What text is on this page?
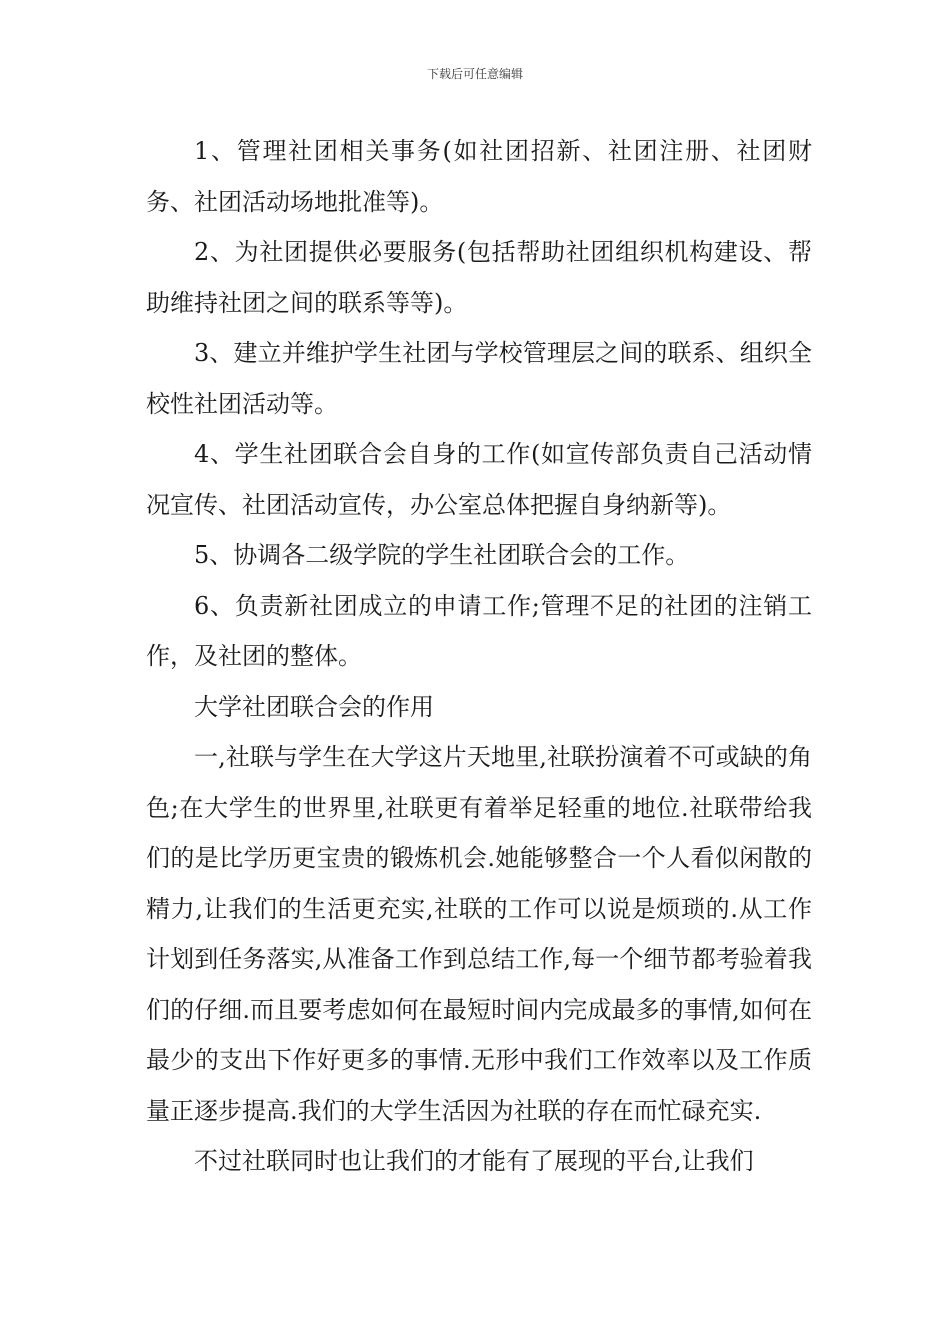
下载后可任意编辑

1、管理社团相关事务(如社团招新、社团注册、社团财务、社团活动场地批准等)。

2、为社团提供必要服务(包括帮助社团组织机构建设、帮助维持社团之间的联系等等)。

3、建立并维护学生社团与学校管理层之间的联系、组织全校性社团活动等。

4、学生社团联合会自身的工作(如宣传部负责自己活动情况宣传、社团活动宣传，办公室总体把握自身纳新等)。

5、协调各二级学院的学生社团联合会的工作。

6、负责新社团成立的申请工作;管理不足的社团的注销工作，及社团的整体。

大学社团联合会的作用

一,社联与学生在大学这片天地里,社联扮演着不可或缺的角色;在大学生的世界里,社联更有着举足轻重的地位.社联带给我们的是比学历更宝贵的锻炼机会.她能够整合一个人看似闲散的精力,让我们的生活更充实,社联的工作可以说是烦琐的.从工作计划到任务落实,从准备工作到总结工作,每一个细节都考验着我们的仔细.而且要考虑如何在最短时间内完成最多的事情,如何在最少的支出下作好更多的事情.无形中我们工作效率以及工作质量正逐步提高.我们的大学生活因为社联的存在而忙碌充实.

不过社联同时也让我们的才能有了展现的平台,让我们
